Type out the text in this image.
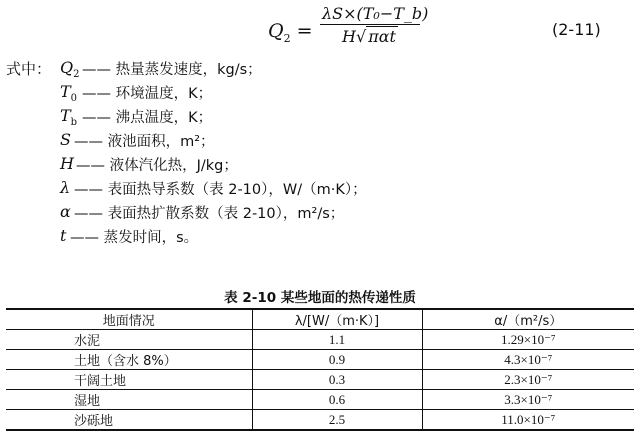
$Q_2$ =
λS×(T₀−T_b)
H√ παt	(2-11)
式中： $Q_2$ —— 热量蒸发速度，kg/s；
$T_0$ —— 环境温度，K；
$T_b$ —— 沸点温度，K；
S —— 液池面积，m²；
H —— 液体汽化热，J/kg；
λ —— 表面热导系数（表 2-10），W/（m·K）；
α —— 表面热扩散系数（表 2-10），m²/s；
t —— 蒸发时间，s。
表 2-10 某些地面的热传递性质
地面情况	λ/[W/（m·K）]	α/（m²/s）
水泥	1.1	1.29×10⁻⁷
土地（含水 8%）	0.9	4.3×10⁻⁷
干阔土地	0.3	2.3×10⁻⁷
湿地	0.6	3.3×10⁻⁷
沙砾地	2.5	11.0×10⁻⁷
